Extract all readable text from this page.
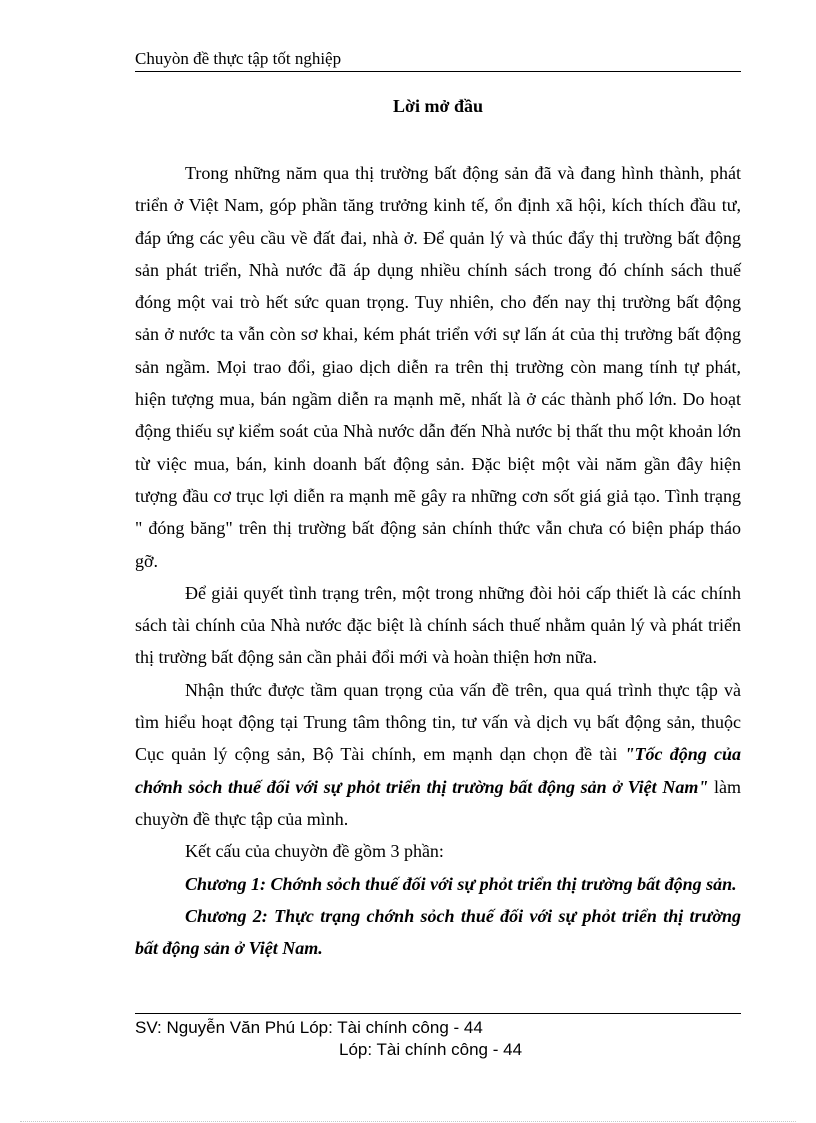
Chuyòn đề thực tập tốt nghiệp
Lời mở đầu

Trong những năm qua thị trường bất động sản đã và đang hình thành, phát triển ở Việt Nam, góp phần tăng trưởng kinh tế, ổn định xã hội, kích thích đầu tư, đáp ứng các yêu cầu về đất đai, nhà ở. Để quản lý và thúc đẩy thị trường bất động sản phát triển, Nhà nước đã áp dụng nhiều chính sách trong đó chính sách thuế đóng một vai trò hết sức quan trọng. Tuy nhiên, cho đến nay thị trường bất động sản ở nước ta vẫn còn sơ khai, kém phát triển với sự lấn át của thị trường bất động sản ngầm. Mọi trao đổi, giao dịch diễn ra trên thị trường còn mang tính tự phát, hiện tượng mua, bán ngầm diễn ra mạnh mẽ, nhất là ở các thành phố lớn. Do hoạt động thiếu sự kiểm soát của Nhà nước dẫn đến Nhà nước bị thất thu một khoản lớn từ việc mua, bán, kinh doanh bất động sản. Đặc biệt một vài năm gần đây hiện tượng đầu cơ trục lợi diễn ra mạnh mẽ gây ra những cơn sốt giá giả tạo. Tình trạng " đóng băng" trên thị trường bất động sản chính thức vẫn chưa có biện pháp tháo gỡ.

Để giải quyết tình trạng trên, một trong những đòi hỏi cấp thiết là các chính sách tài chính của Nhà nước đặc biệt là chính sách thuế nhằm quản lý và phát triển thị trường bất động sản cần phải đổi mới và hoàn thiện hơn nữa.

Nhận thức được tầm quan trọng của vấn đề trên, qua quá trình thực tập và tìm hiểu hoạt động tại Trung tâm thông tin, tư vấn và dịch vụ bất động sản, thuộc Cục quản lý cộng sản, Bộ Tài chính, em mạnh dạn chọn đề tài "Tốc động của chớnh sỏch thuế đối với sự phỏt triển thị trường bất động sản ở Việt Nam" làm chuyờn đề thực tập của mình.

Kết cấu của chuyờn đề gồm 3 phần:

Chương 1: Chớnh sỏch thuế đối với sự phỏt triển thị trường bất động sản.

Chương 2: Thực trạng chớnh sỏch thuế đối với sự phỏt triển thị trường bất động sản ở Việt Nam.

SV: Nguyễn Văn Phú Lóp: Tài chính công - 44
Lóp: Tài chính công - 44
